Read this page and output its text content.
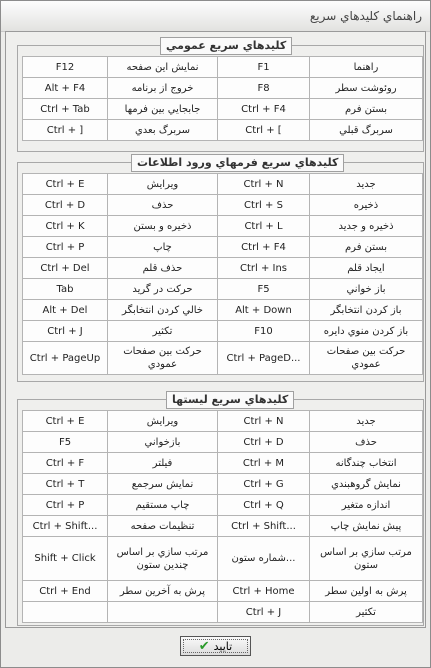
راهنماي كليدهاي سريع
كليدهاي سريع عمومي
F12	نمايش اين صفحه	F1	راهنما
Alt + F4	خروج از برنامه	F8	روئوشت سطر
Ctrl + Tab	جابجايي بين فرمها	Ctrl + F4	بستن فرم
Ctrl + ]	سربرگ بعدي	Ctrl + [	سربرگ قبلي
كليدهاي سريع فرمهاي ورود اطلاعات
Ctrl + E	ويرايش	Ctrl + N	جديد
Ctrl + D	حذف	Ctrl + S	ذخيره
Ctrl + K	ذخيره و بستن	Ctrl + L	ذخيره و جديد
Ctrl + P	چاپ	Ctrl + F4	بستن فرم
Ctrl + Del	حذف قلم	Ctrl + Ins	ايجاد قلم
Tab	حركت در گريد	F5	باز خواني
Alt + Del	خالي كردن انتخابگر	Alt + Down	باز كردن انتخابگر
Ctrl + J	تكثير	F10	باز كردن منوي دايره
Ctrl + PageUp	حركت بين صفحات عمودي	Ctrl + PageD...	حركت بين صفحات عمودي
كليدهاي سريع ليستها
Ctrl + E	ويرايش	Ctrl + N	جديد
F5	بازخواني	Ctrl + D	حذف
Ctrl + F	فيلتر	Ctrl + M	انتخاب چندگانه
Ctrl + T	نمايش سرجمع	Ctrl + G	نمايش گروهبندي
Ctrl + P	چاپ مستقيم	Ctrl + Q	اندازه متغير
Ctrl + Shift...	تنظيمات صفحه	Ctrl + Shift...	پيش نمايش چاپ
Shift + Click	مرتب سازي بر اساس چندين ستون	شماره ستون...	مرتب سازي بر اساس ستون
Ctrl + End	پرش به آخرين سطر	Ctrl + Home	پرش به اولين سطر
		Ctrl + J	تكثير
✔ تاييد
